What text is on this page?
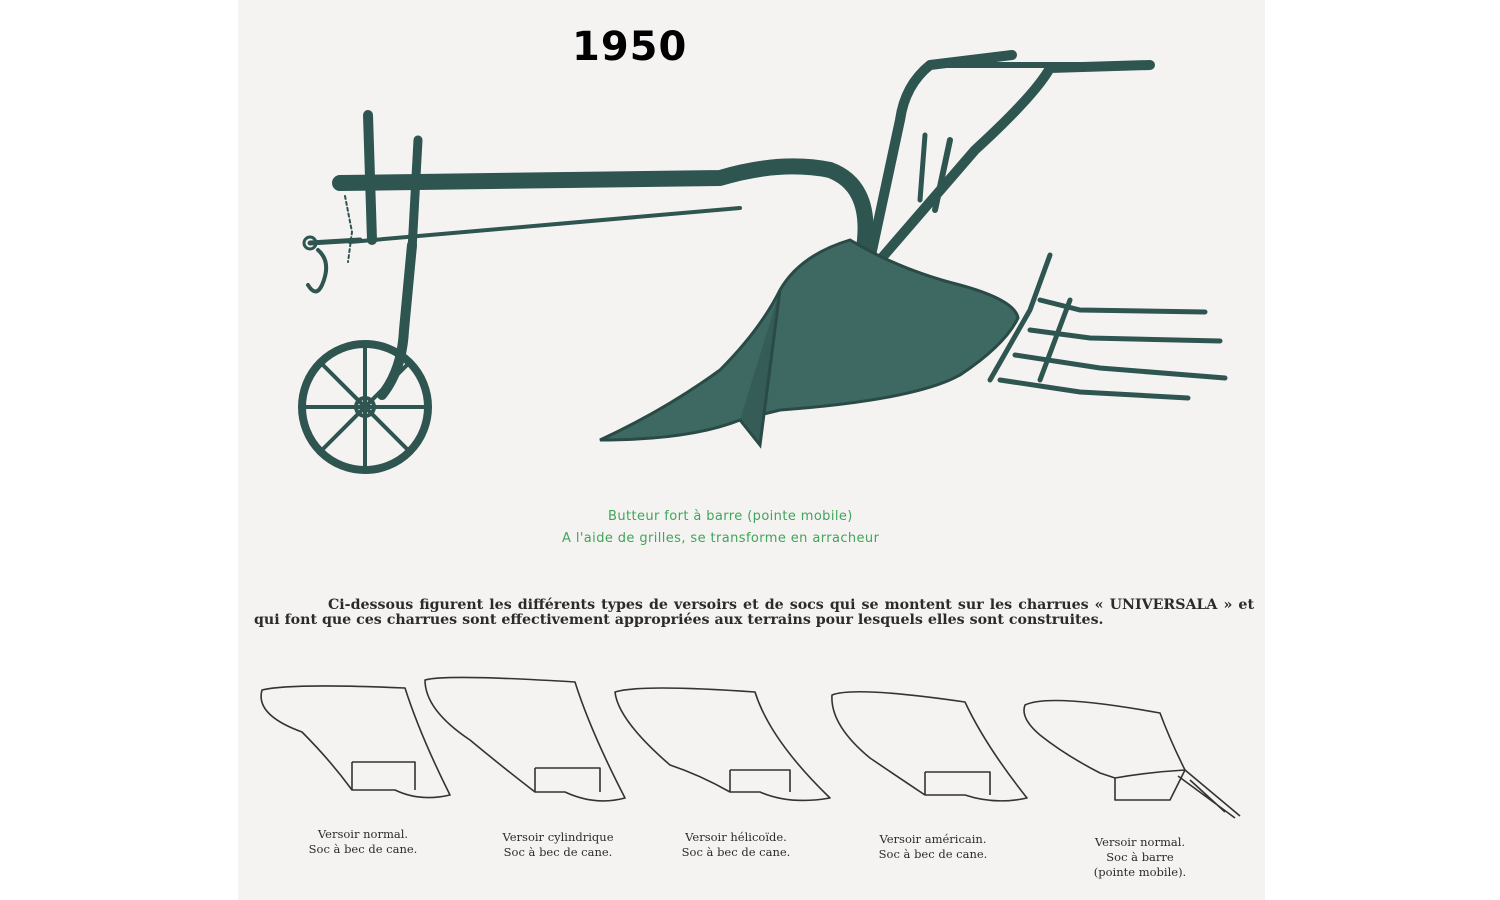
1950
Butteur fort à barre (pointe mobile)
A l'aide de grilles, se transforme en arracheur
Ci-dessous figurent les différents types de versoirs et de socs qui se montent sur les charrues « UNIVERSALA » et qui font que ces charrues sont effectivement appropriées aux terrains pour lesquels elles sont construites.
Versoir normal.
Soc à bec de cane.
Versoir cylindrique
Soc à bec de cane.
Versoir hélicoïde.
Soc à bec de cane.
Versoir américain.
Soc à bec de cane.
Versoir normal.
Soc à barre
(pointe mobile).
